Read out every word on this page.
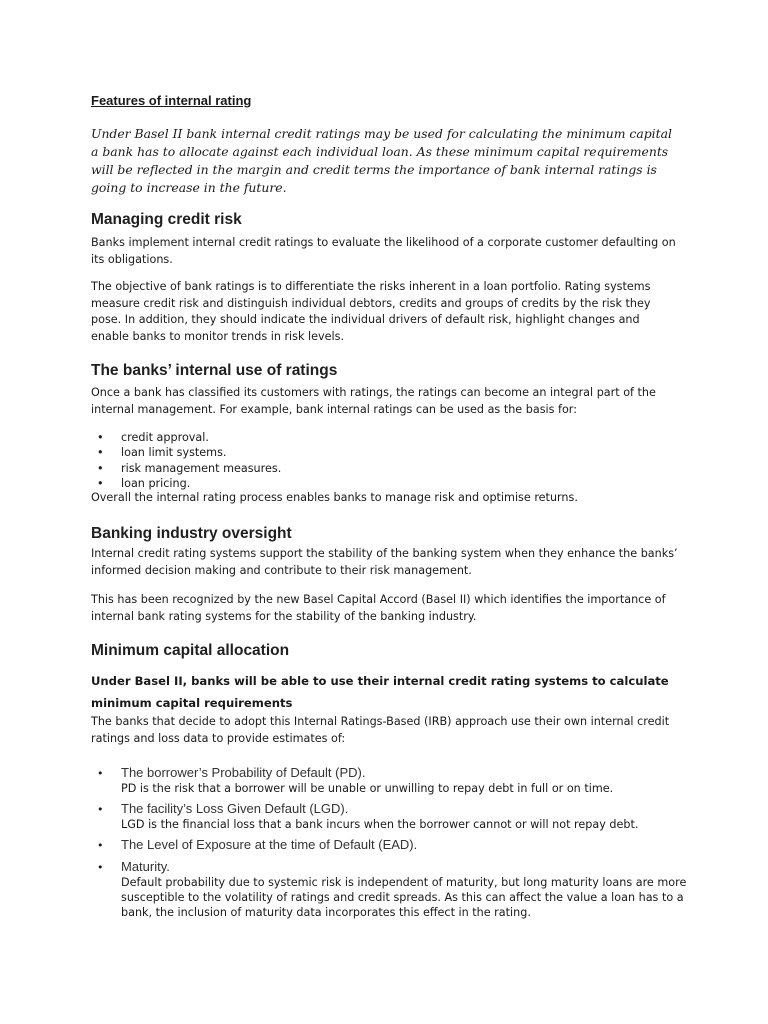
Features of internal rating

Under Basel II bank internal credit ratings may be used for calculating the minimum capital a bank has to allocate against each individual loan. As these minimum capital requirements will be reflected in the margin and credit terms the importance of bank internal ratings is going to increase in the future.

Managing credit risk

Banks implement internal credit ratings to evaluate the likelihood of a corporate customer defaulting on its obligations.

The objective of bank ratings is to differentiate the risks inherent in a loan portfolio. Rating systems measure credit risk and distinguish individual debtors, credits and groups of credits by the risk they pose. In addition, they should indicate the individual drivers of default risk, highlight changes and enable banks to monitor trends in risk levels.

The banks’ internal use of ratings

Once a bank has classified its customers with ratings, the ratings can become an integral part of the internal management. For example, bank internal ratings can be used as the basis for:

• credit approval.
• loan limit systems.
• risk management measures.
• loan pricing.

Overall the internal rating process enables banks to manage risk and optimise returns.

Banking industry oversight

Internal credit rating systems support the stability of the banking system when they enhance the banks’ informed decision making and contribute to their risk management.

This has been recognized by the new Basel Capital Accord (Basel II) which identifies the importance of internal bank rating systems for the stability of the banking industry.

Minimum capital allocation

Under Basel II, banks will be able to use their internal credit rating systems to calculate minimum capital requirements

The banks that decide to adopt this Internal Ratings-Based (IRB) approach use their own internal credit ratings and loss data to provide estimates of:

• The borrower’s Probability of Default (PD).
PD is the risk that a borrower will be unable or unwilling to repay debt in full or on time.
• The facility’s Loss Given Default (LGD).
LGD is the financial loss that a bank incurs when the borrower cannot or will not repay debt.
• The Level of Exposure at the time of Default (EAD).
• Maturity.
Default probability due to systemic risk is independent of maturity, but long maturity loans are more susceptible to the volatility of ratings and credit spreads. As this can affect the value a loan has to a bank, the inclusion of maturity data incorporates this effect in the rating.
